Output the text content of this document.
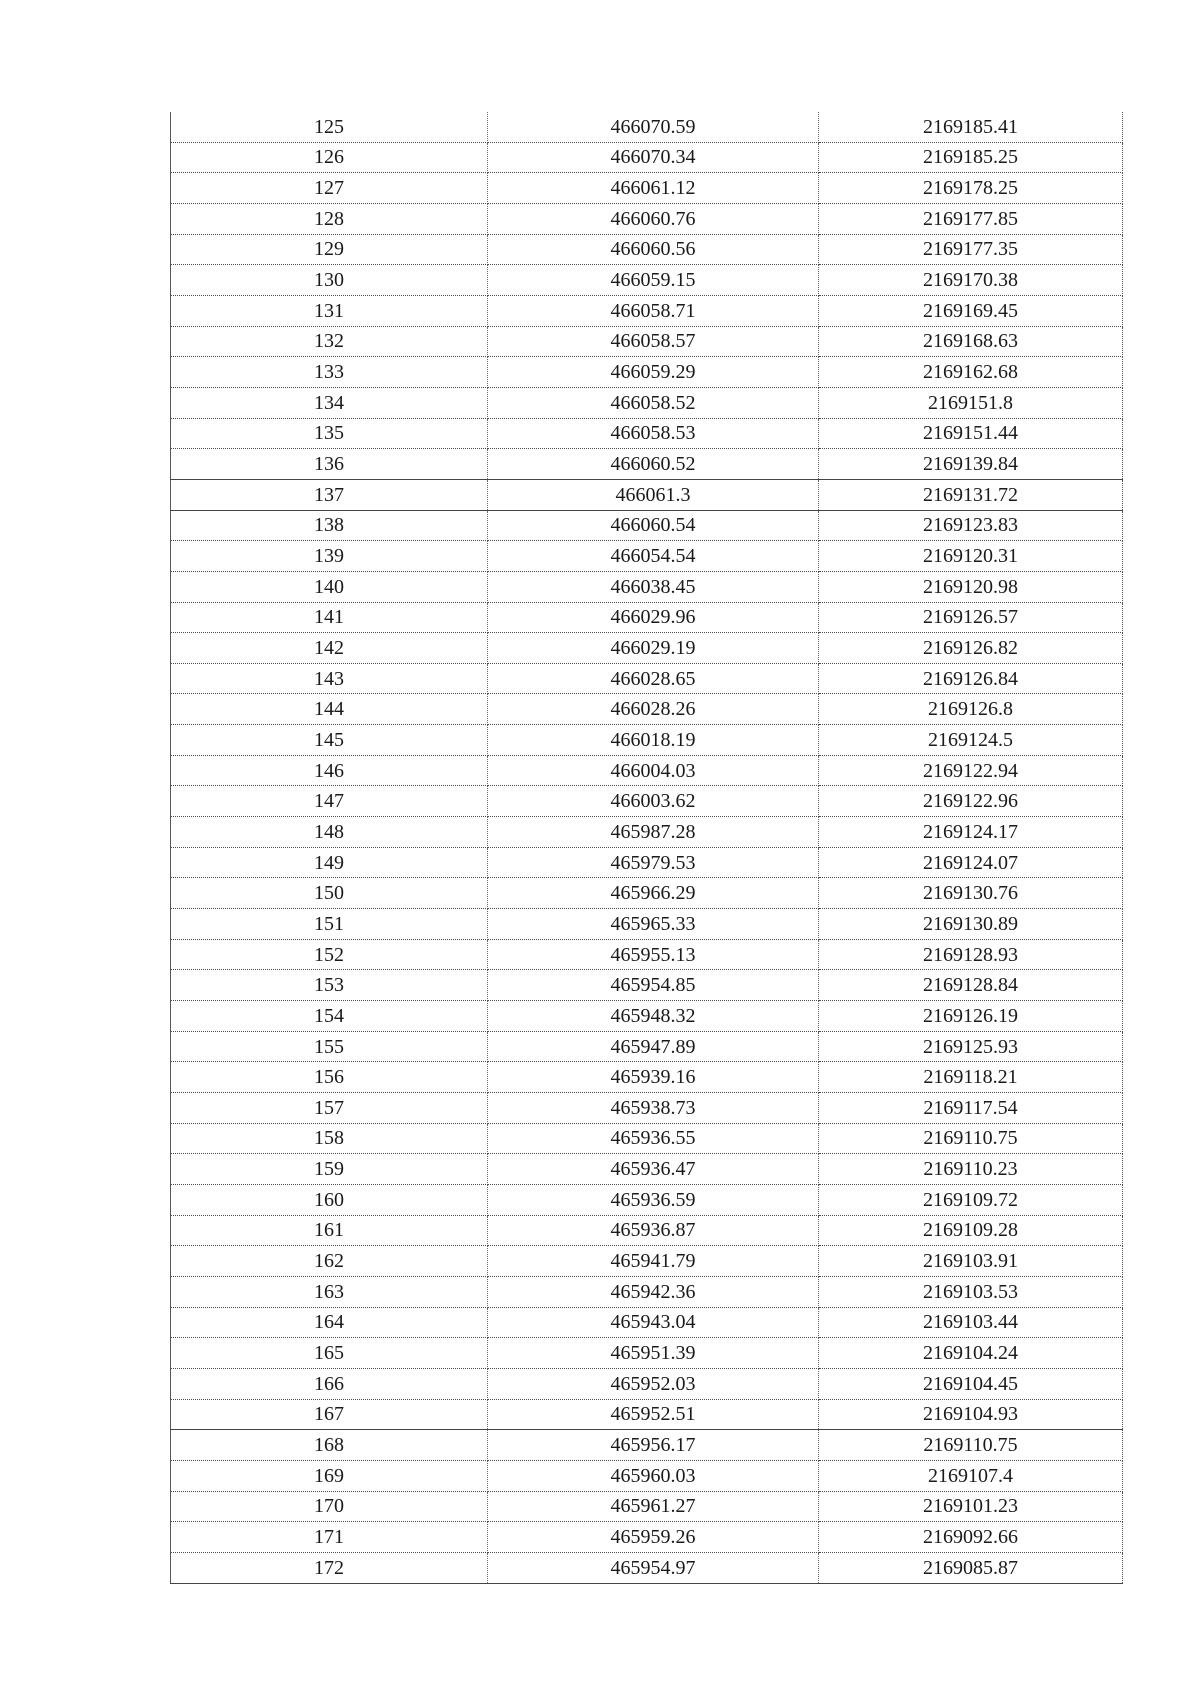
125	466070.59	2169185.41
126	466070.34	2169185.25
127	466061.12	2169178.25
128	466060.76	2169177.85
129	466060.56	2169177.35
130	466059.15	2169170.38
131	466058.71	2169169.45
132	466058.57	2169168.63
133	466059.29	2169162.68
134	466058.52	2169151.8
135	466058.53	2169151.44
136	466060.52	2169139.84
137	466061.3	2169131.72
138	466060.54	2169123.83
139	466054.54	2169120.31
140	466038.45	2169120.98
141	466029.96	2169126.57
142	466029.19	2169126.82
143	466028.65	2169126.84
144	466028.26	2169126.8
145	466018.19	2169124.5
146	466004.03	2169122.94
147	466003.62	2169122.96
148	465987.28	2169124.17
149	465979.53	2169124.07
150	465966.29	2169130.76
151	465965.33	2169130.89
152	465955.13	2169128.93
153	465954.85	2169128.84
154	465948.32	2169126.19
155	465947.89	2169125.93
156	465939.16	2169118.21
157	465938.73	2169117.54
158	465936.55	2169110.75
159	465936.47	2169110.23
160	465936.59	2169109.72
161	465936.87	2169109.28
162	465941.79	2169103.91
163	465942.36	2169103.53
164	465943.04	2169103.44
165	465951.39	2169104.24
166	465952.03	2169104.45
167	465952.51	2169104.93
168	465956.17	2169110.75
169	465960.03	2169107.4
170	465961.27	2169101.23
171	465959.26	2169092.66
172	465954.97	2169085.87
